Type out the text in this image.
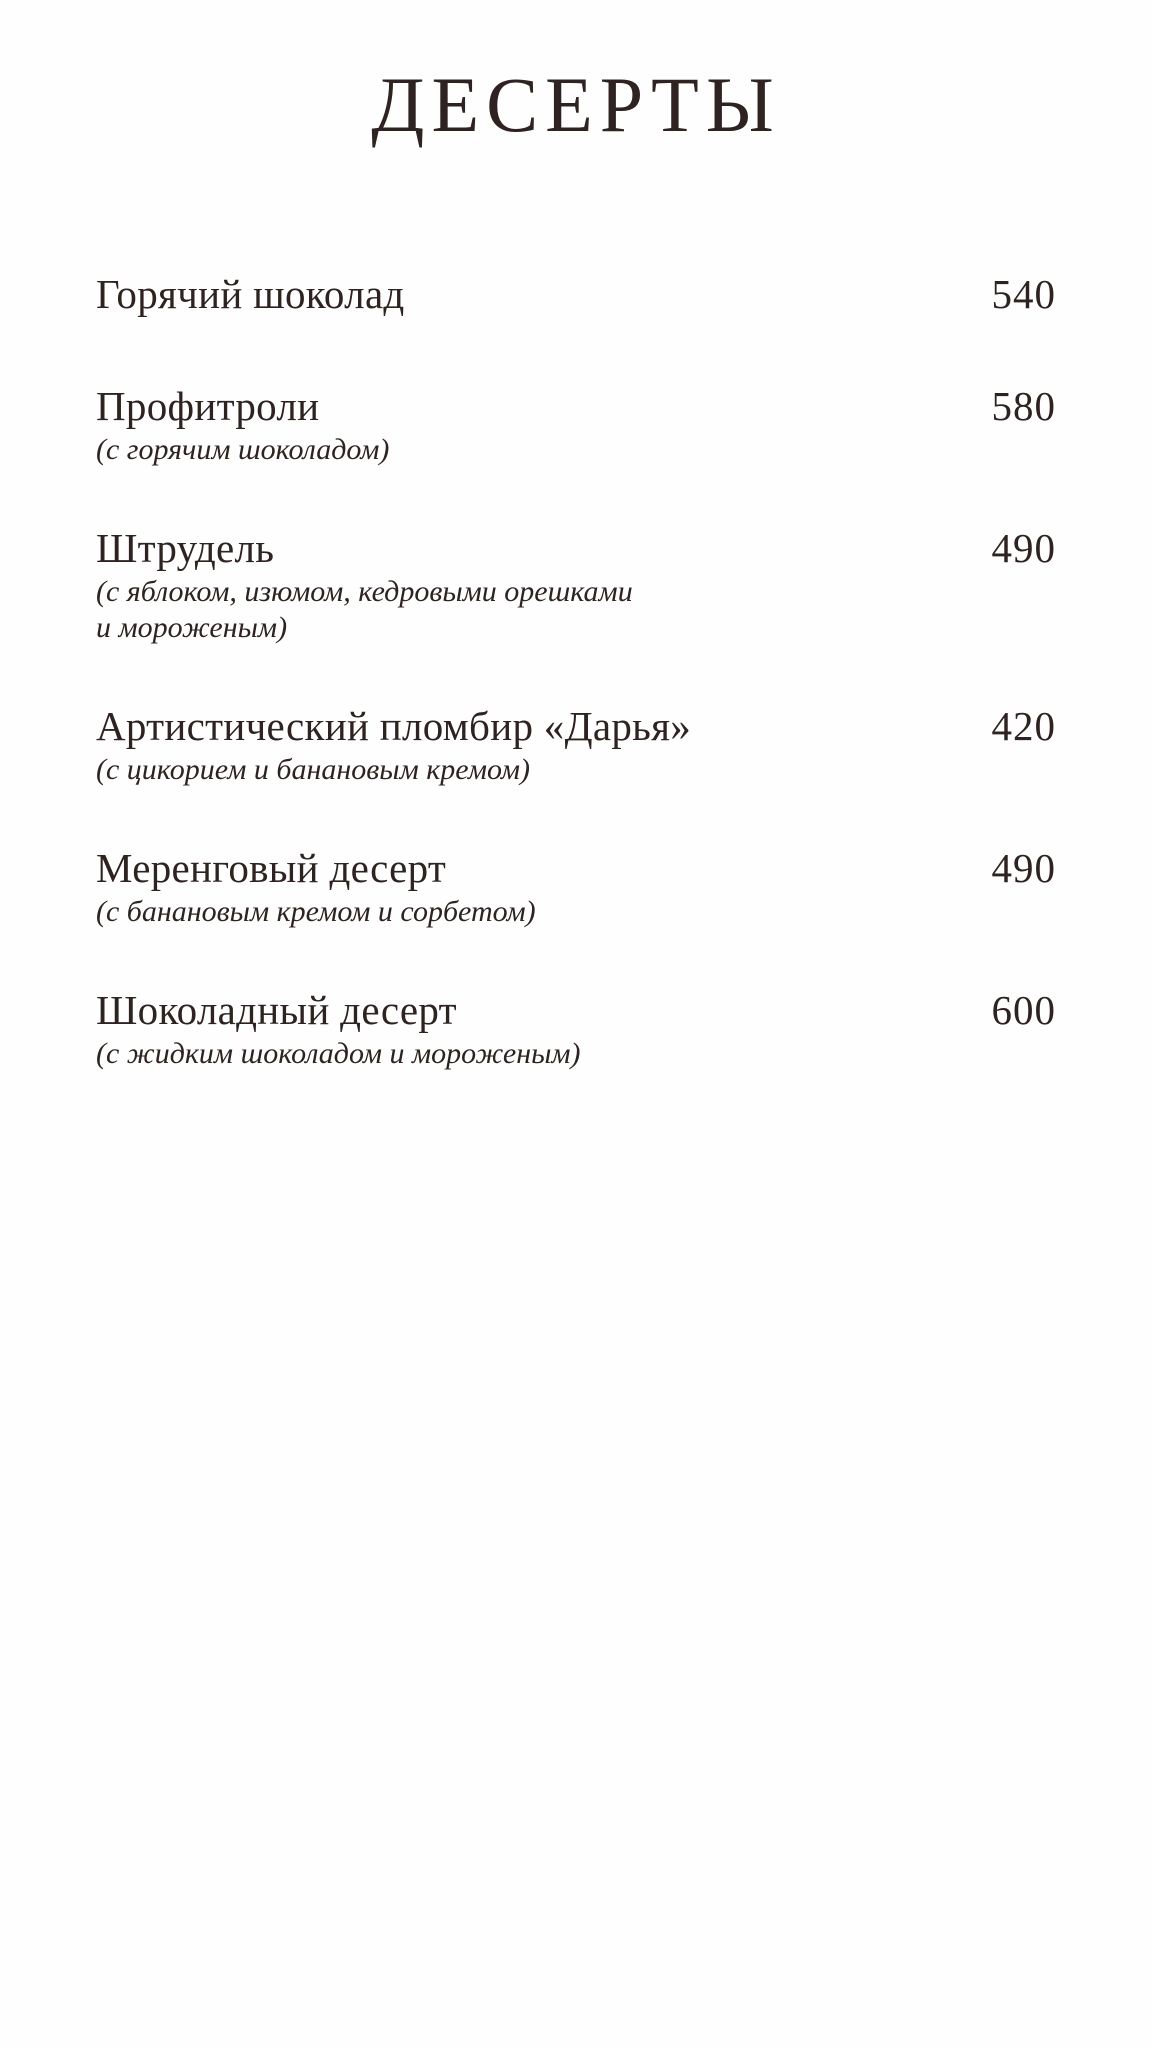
ДЕСЕРТЫ
Горячий шоколад	540
Профитроли	580
(с горячим шоколадом)
Штрудель	490
(с яблоком, изюмом, кедровыми орешками
и мороженым)
Артистический пломбир «Дарья»	420
(с цикорием и банановым кремом)
Меренговый десерт	490
(с банановым кремом и сорбетом)
Шоколадный десерт	600
(с жидким шоколадом и мороженым)
